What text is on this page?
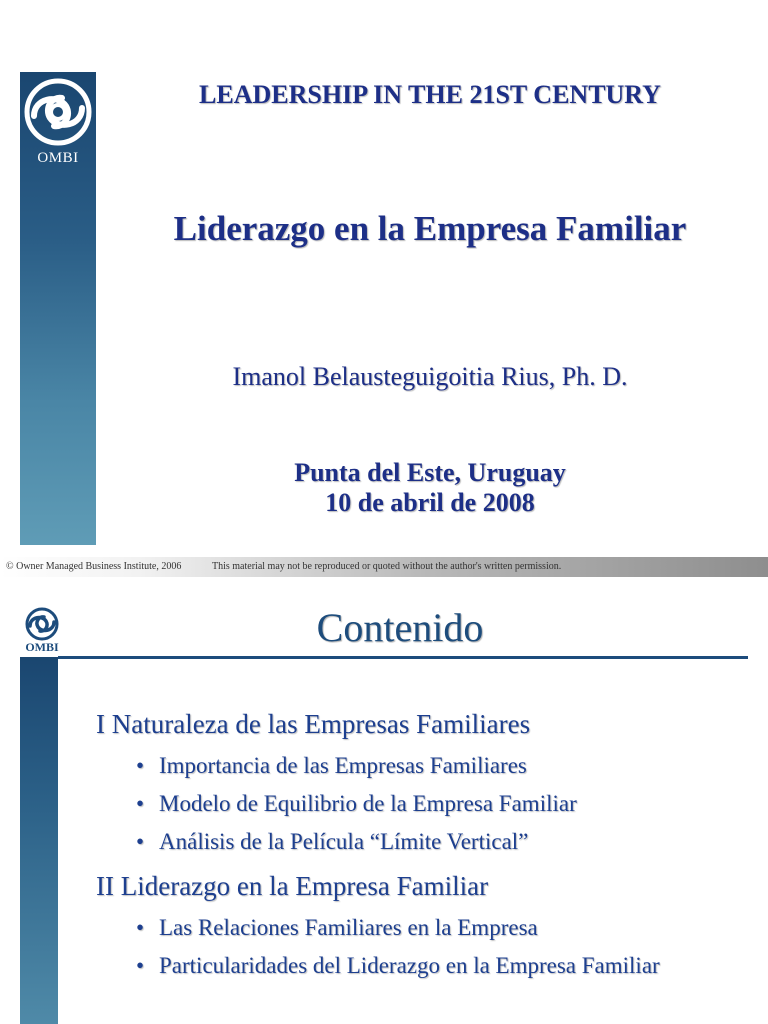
OMBI
LEADERSHIP IN THE 21ST CENTURY
Liderazgo en la Empresa Familiar
Imanol Belausteguigoitia Rius, Ph. D.
Punta del Este, Uruguay
10 de abril de 2008
© Owner Managed Business Institute, 2006	This material may not be reproduced or quoted without the author's written permission.
OMBI	Contenido

I Naturaleza de las Empresas Familiares

• Importancia de las Empresas Familiares
• Modelo de Equilibrio de la Empresa Familiar
• Análisis de la Película “Límite Vertical”

II Liderazgo en la Empresa Familiar

• Las Relaciones Familiares en la Empresa
• Particularidades del Liderazgo en la Empresa Familiar
